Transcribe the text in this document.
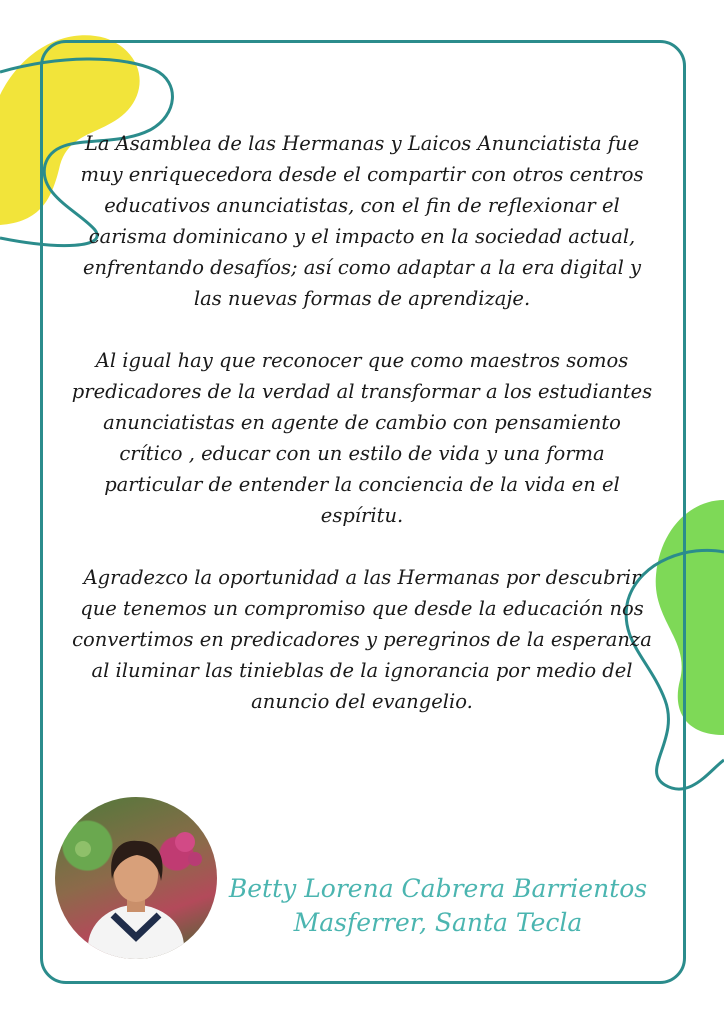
La Asamblea de las Hermanas y Laicos Anunciatista fue muy enriquecedora desde el compartir con otros centros educativos anunciatistas, con el fin de reflexionar el carisma dominicano y el impacto en la sociedad actual, enfrentando desafíos; así como adaptar a la era digital y las nuevas formas de aprendizaje.

Al igual hay que reconocer que como maestros somos predicadores de la verdad al transformar a los estudiantes anunciatistas en agente de cambio con pensamiento crítico , educar con un estilo de vida y una forma particular de entender la conciencia de la vida en el espíritu.

Agradezco la oportunidad a las Hermanas por descubrir que tenemos un compromiso que desde la educación nos convertimos en predicadores y peregrinos de la esperanza al iluminar las tinieblas de la ignorancia por medio del anuncio del evangelio.

Betty Lorena Cabrera Barrientos
Masferrer, Santa Tecla
